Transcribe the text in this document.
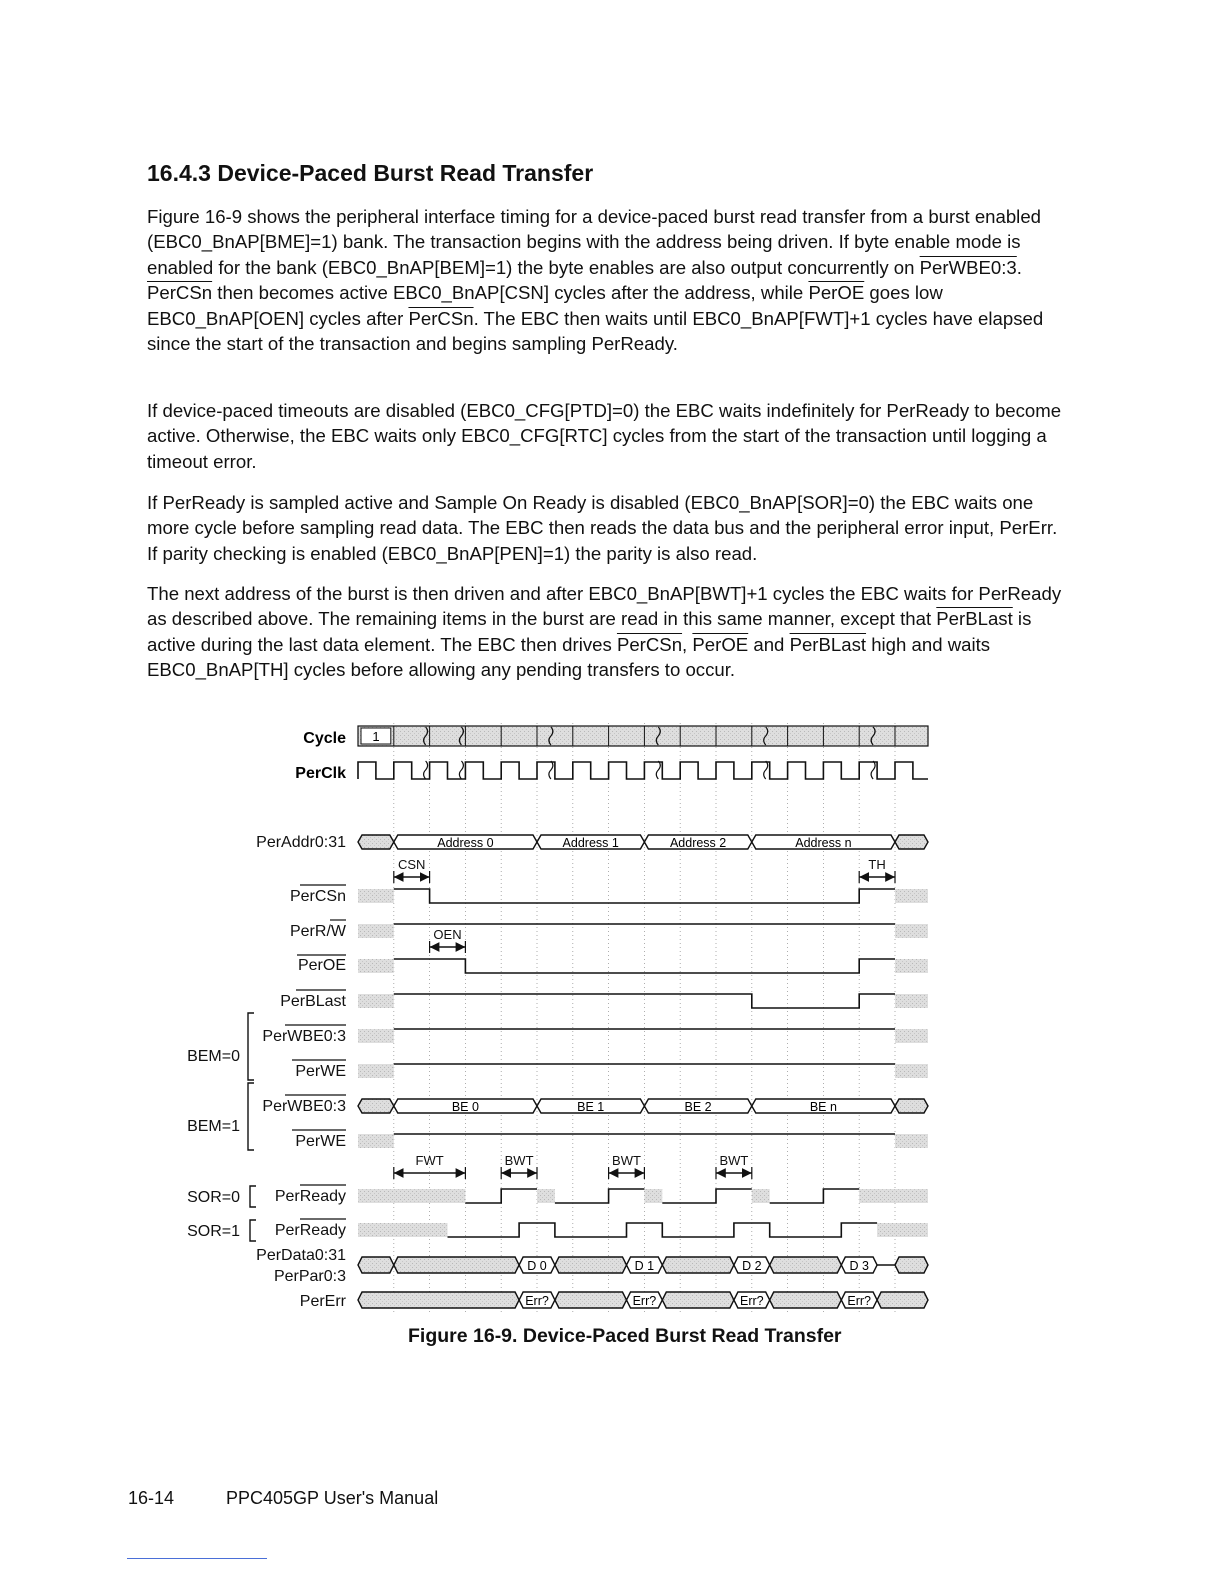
16.4.3 Device-Paced Burst Read Transfer

Figure 16-9 shows the peripheral interface timing for a device-paced burst read transfer from a burst enabled (EBC0_BnAP[BME]=1) bank. The transaction begins with the address being driven. If byte enable mode is enabled for the bank (EBC0_BnAP[BEM]=1) the byte enables are also output concurrently on PerWBE0:3. PerCSn then becomes active EBC0_BnAP[CSN] cycles after the address, while PerOE goes low EBC0_BnAP[OEN] cycles after PerCSn. The EBC then waits until EBC0_BnAP[FWT]+1 cycles have elapsed since the start of the transaction and begins sampling PerReady.

If device-paced timeouts are disabled (EBC0_CFG[PTD]=0) the EBC waits indefinitely for PerReady to become active. Otherwise, the EBC waits only EBC0_CFG[RTC] cycles from the start of the transaction until logging a timeout error.

If PerReady is sampled active and Sample On Ready is disabled (EBC0_BnAP[SOR]=0) the EBC waits one more cycle before sampling read data. The EBC then reads the data bus and the peripheral error input, PerErr. If parity checking is enabled (EBC0_BnAP[PEN]=1) the parity is also read.

The next address of the burst is then driven and after EBC0_BnAP[BWT]+1 cycles the EBC waits for PerReady as described above. The remaining items in the burst are read in this same manner, except that PerBLast is active during the last data element. The EBC then drives PerCSn, PerOE and PerBLast high and waits EBC0_BnAP[TH] cycles before allowing any pending transfers to occur.

Cycle 1
PerClk
PerAddr0:31
PerCSn
PerR/W
PerOE
PerBLast
PerWBE0:3
PerWE
PerWBE0:3
PerWE
PerReady
PerReady
PerData0:31
PerPar0:3
PerErr
BEM=0
BEM=1
SOR=0
SOR=1
Address 0	Address 1	Address 2	Address n
BE 0	BE 1	BE 2	BE n
D 0	D 1	D 2	D 3
Err?	Err?	Err?	Err?
CSN	TH
OEN
FWT	BWT	BWT	BWT
Figure 16-9. Device-Paced Burst Read Transfer
16-14	PPC405GP User's Manual
